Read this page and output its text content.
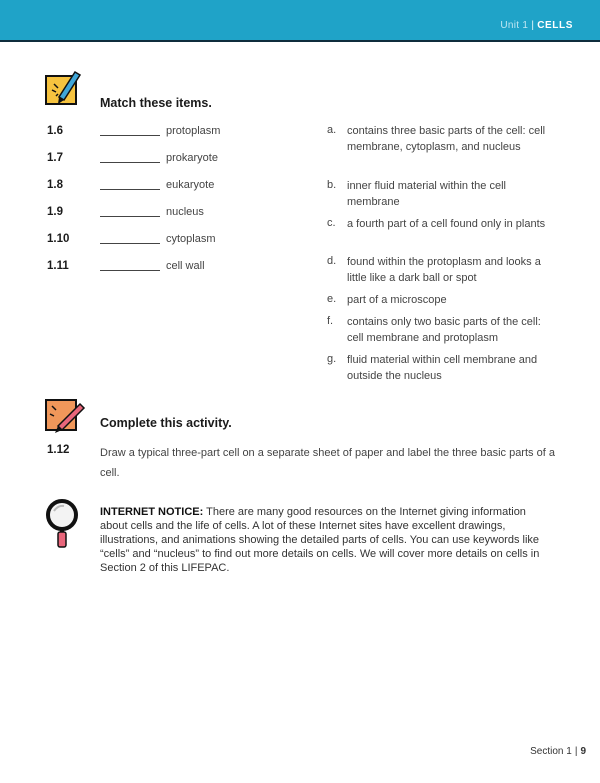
Unit 1 | CELLS
Match these items.
1.6	protoplasm
1.7	prokaryote
1.8	eukaryote
1.9	nucleus
1.10	cytoplasm
1.11	cell wall
a. contains three basic parts of the cell: cell membrane, cytoplasm, and nucleus
b. inner fluid material within the cell membrane
c. a fourth part of a cell found only in plants
d. found within the protoplasm and looks a little like a dark ball or spot
e. part of a microscope
f. contains only two basic parts of the cell: cell membrane and protoplasm
g. fluid material within cell membrane and outside the nucleus
Complete this activity.
1.12	Draw a typical three-part cell on a separate sheet of paper and label the three basic parts of a cell.
INTERNET NOTICE: There are many good resources on the Internet giving information about cells and the life of cells. A lot of these Internet sites have excellent drawings, illustrations, and animations showing the detailed parts of cells. You can use keywords like “cells” and “nucleus” to find out more details on cells. We will cover more details on cells in Section 2 of this LIFEPAC.
Section 1 | 9
